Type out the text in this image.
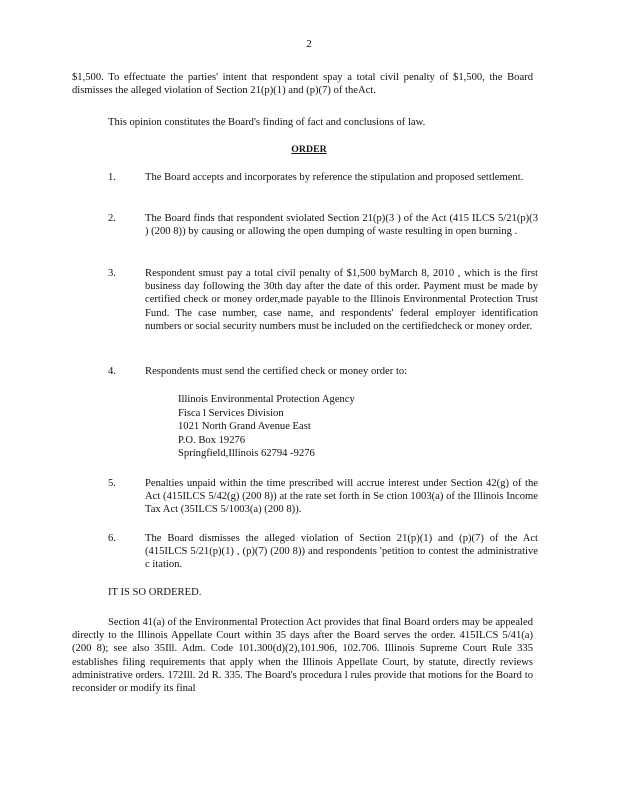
2
$1,500. To effectuate the parties' intent that respondent spay a total civil penalty of $1,500, the Board dismisses the alleged violation of Section 21(p)(1) and (p)(7) of theAct.
This opinion constitutes the Board's finding of fact and conclusions of law.
ORDER
1.	The Board accepts and incorporates by reference the stipulation and proposed settlement.
2.	The Board finds that respondent sviolated Section 21(p)(3 ) of the Act (415 ILCS 5/21(p)(3 ) (200 8)) by causing or allowing the open dumping of waste resulting in open burning .
3.	Respondent smust pay a total civil penalty of $1,500 byMarch 8, 2010 , which is the first business day following the 30th day after the date of this order. Payment must be made by certified check or money order,made payable to the Illinois Environmental Protection Trust Fund. The case number, case name, and respondents' federal employer identification numbers or social security numbers must be included on the certifiedcheck or money order.
4.	Respondents must send the certified check or money order to:
Illinois Environmental Protection Agency
Fisca l Services Division
1021 North Grand Avenue East
P.O. Box 19276
Springfield,Illinois 62794 -9276
5.	Penalties unpaid within the time prescribed will accrue interest under Section 42(g) of the Act (415ILCS 5/42(g) (200 8)) at the rate set forth in Se ction 1003(a) of the Illinois Income Tax Act (35ILCS 5/1003(a) (200 8)).
6.	The Board dismisses the alleged violation of Section 21(p)(1) and (p)(7) of the Act (415ILCS 5/21(p)(1) , (p)(7) (200 8)) and respondents 'petition to contest the administrative c itation.
IT IS SO ORDERED.
Section 41(a) of the Environmental Protection Act provides that final Board orders may be appealed directly to the Illinois Appellate Court within 35 days after the Board serves the order. 415ILCS 5/41(a) (200 8); see also 35Ill. Adm. Code 101.300(d)(2),101.906, 102.706. Illinois Supreme Court Rule 335 establishes filing requirements that apply when the Illinois Appellate Court, by statute, directly reviews administrative orders. 172Ill. 2d R. 335. The Board's procedura l rules provide that motions for the Board to reconsider or modify its final
